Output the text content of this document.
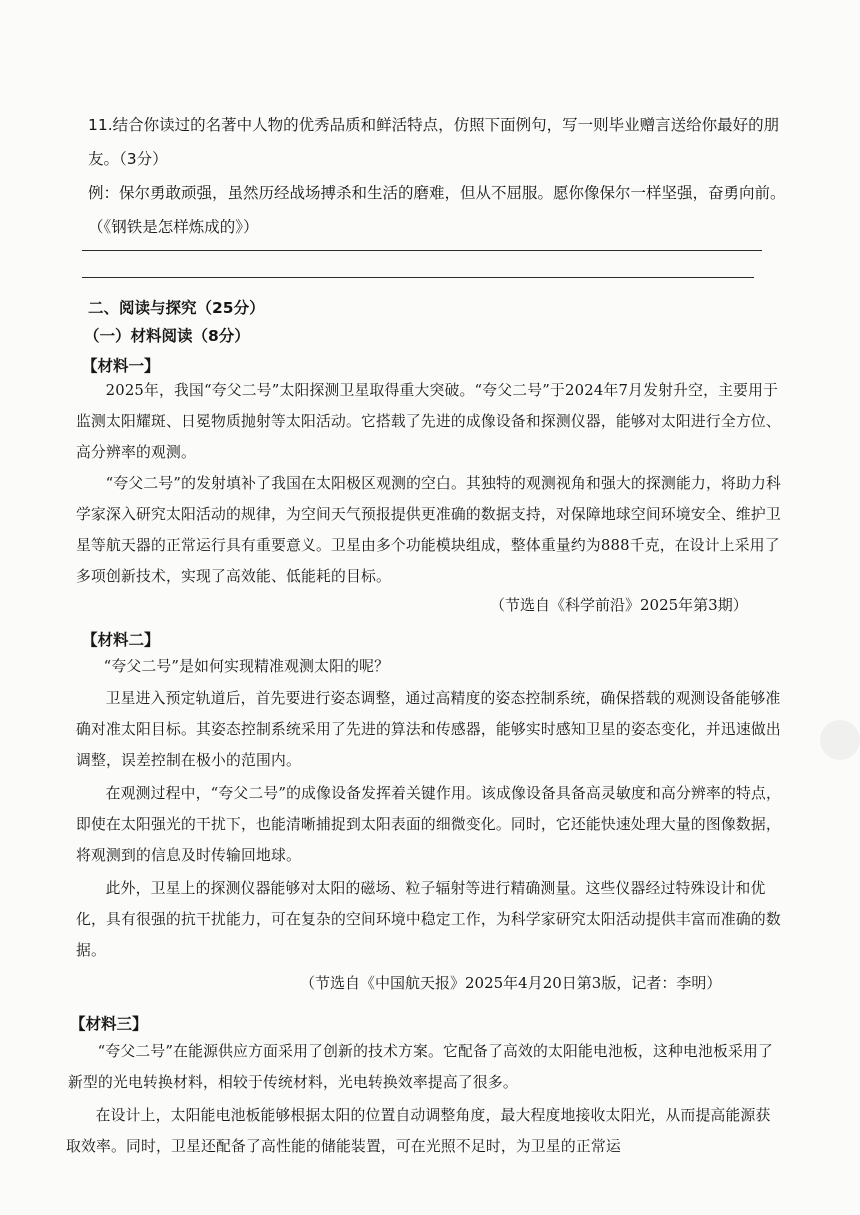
11.结合你读过的名著中人物的优秀品质和鲜活特点，仿照下面例句，写一则毕业赠言送给你最好的朋友。（3分）

例：保尔勇敢顽强，虽然历经战场搏杀和生活的磨难，但从不屈服。愿你像保尔一样坚强，奋勇向前。（《钢铁是怎样炼成的》）

二、阅读与探究（25分）
（一）材料阅读（8分）
【材料一】

2025年，我国“夸父二号”太阳探测卫星取得重大突破。“夸父二号”于2024年7月发射升空，主要用于监测太阳耀斑、日冕物质抛射等太阳活动。它搭载了先进的成像设备和探测仪器，能够对太阳进行全方位、高分辨率的观测。

“夸父二号”的发射填补了我国在太阳极区观测的空白。其独特的观测视角和强大的探测能力，将助力科学家深入研究太阳活动的规律，为空间天气预报提供更准确的数据支持，对保障地球空间环境安全、维护卫星等航天器的正常运行具有重要意义。卫星由多个功能模块组成，整体重量约为888千克，在设计上采用了多项创新技术，实现了高效能、低能耗的目标。

（节选自《科学前沿》2025年第3期）
【材料二】

“夸父二号”是如何实现精准观测太阳的呢？

卫星进入预定轨道后，首先要进行姿态调整，通过高精度的姿态控制系统，确保搭载的观测设备能够准确对准太阳目标。其姿态控制系统采用了先进的算法和传感器，能够实时感知卫星的姿态变化，并迅速做出调整，误差控制在极小的范围内。

在观测过程中，“夸父二号”的成像设备发挥着关键作用。该成像设备具备高灵敏度和高分辨率的特点，即使在太阳强光的干扰下，也能清晰捕捉到太阳表面的细微变化。同时，它还能快速处理大量的图像数据，将观测到的信息及时传输回地球。

此外，卫星上的探测仪器能够对太阳的磁场、粒子辐射等进行精确测量。这些仪器经过特殊设计和优化，具有很强的抗干扰能力，可在复杂的空间环境中稳定工作，为科学家研究太阳活动提供丰富而准确的数据。

（节选自《中国航天报》2025年4月20日第3版，记者：李明）
【材料三】

“夸父二号”在能源供应方面采用了创新的技术方案。它配备了高效的太阳能电池板，这种电池板采用了新型的光电转换材料，相较于传统材料，光电转换效率提高了很多。

在设计上，太阳能电池板能够根据太阳的位置自动调整角度，最大程度地接收太阳光，从而提高能源获取效率。同时，卫星还配备了高性能的储能装置，可在光照不足时，为卫星的正常运
